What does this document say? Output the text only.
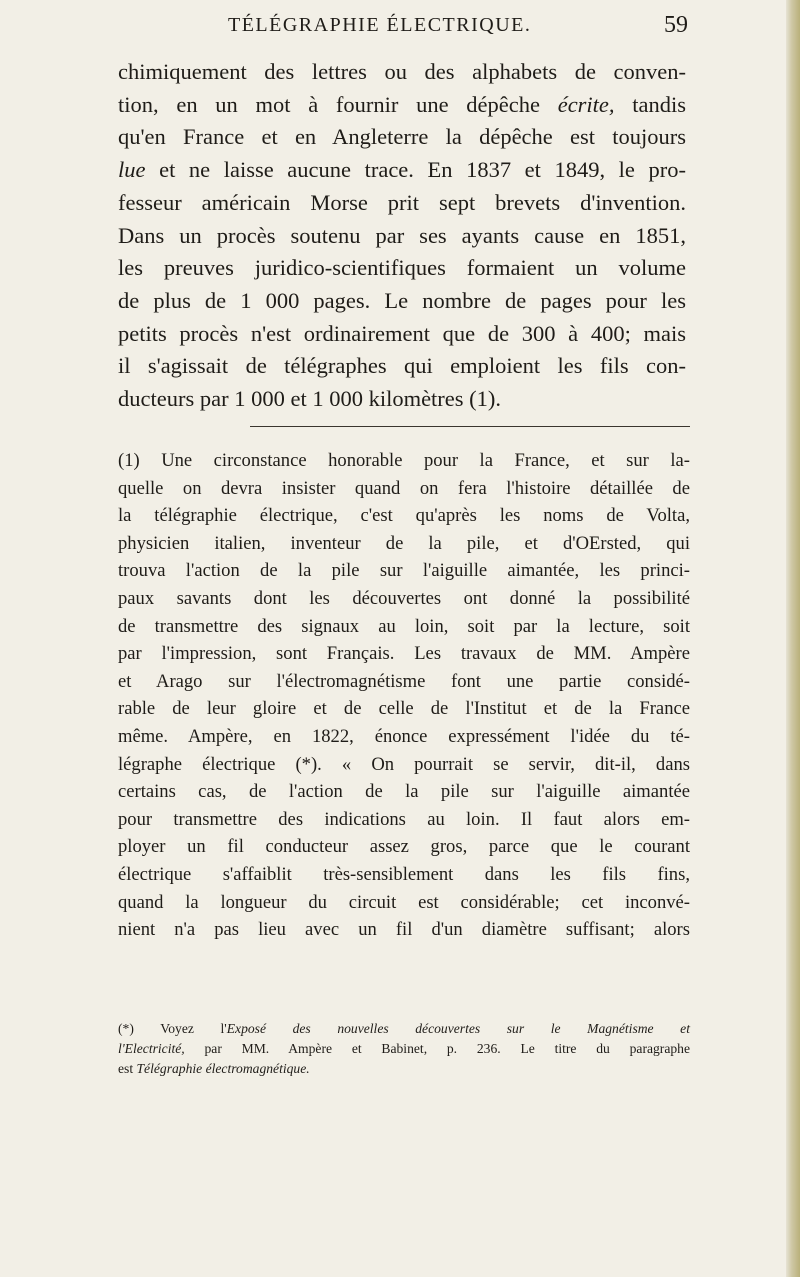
TÉLÉGRAPHIE ÉLECTRIQUE.	59
chimiquement des lettres ou des alphabets de conven-
tion, en un mot à fournir une dépêche écrite, tandis
qu'en France et en Angleterre la dépêche est toujours
lue et ne laisse aucune trace. En 1837 et 1849, le pro-
fesseur américain Morse prit sept brevets d'invention.
Dans un procès soutenu par ses ayants cause en 1851,
les preuves juridico-scientifiques formaient un volume
de plus de 1 000 pages. Le nombre de pages pour les
petits procès n'est ordinairement que de 300 à 400; mais
il s'agissait de télégraphes qui emploient les fils con-
ducteurs par 1 000 et 1 000 kilomètres (1).
(1) Une circonstance honorable pour la France, et sur la-
quelle on devra insister quand on fera l'histoire détaillée de
la télégraphie électrique, c'est qu'après les noms de Volta,
physicien italien, inventeur de la pile, et d'OErsted, qui
trouva l'action de la pile sur l'aiguille aimantée, les princi-
paux savants dont les découvertes ont donné la possibilité
de transmettre des signaux au loin, soit par la lecture, soit
par l'impression, sont Français. Les travaux de MM. Ampère
et Arago sur l'électromagnétisme font une partie considé-
rable de leur gloire et de celle de l'Institut et de la France
même. Ampère, en 1822, énonce expressément l'idée du té-
légraphe électrique (*). « On pourrait se servir, dit-il, dans
certains cas, de l'action de la pile sur l'aiguille aimantée
pour transmettre des indications au loin. Il faut alors em-
ployer un fil conducteur assez gros, parce que le courant
électrique s'affaiblit très-sensiblement dans les fils fins,
quand la longueur du circuit est considérable; cet inconvé-
nient n'a pas lieu avec un fil d'un diamètre suffisant; alors
(*) Voyez l'Exposé des nouvelles découvertes sur le Magnétisme et
l'Electricité, par MM. Ampère et Babinet, p. 236. Le titre du paragraphe
est Télégraphie électromagnétique.
